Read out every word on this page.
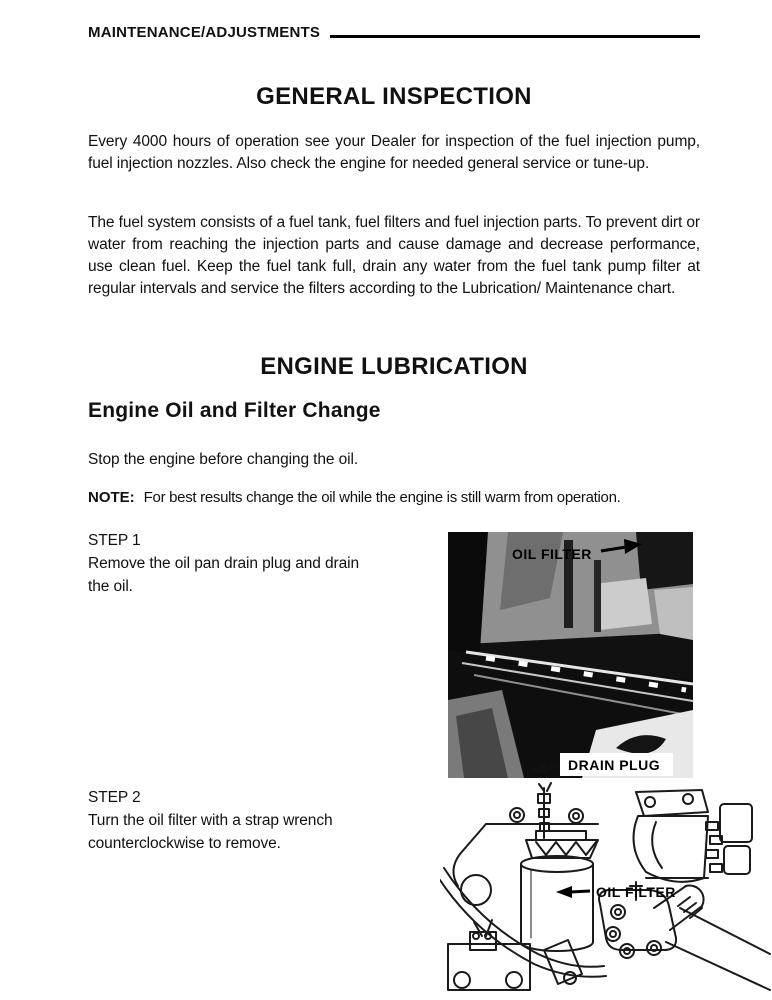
MAINTENANCE/ADJUSTMENTS
GENERAL INSPECTION
Every 4000 hours of operation see your Dealer for inspection of the fuel injection pump, fuel injection nozzles. Also check the engine for needed general service or tune-up.
The fuel system consists of a fuel tank, fuel filters and fuel injection parts. To prevent dirt or water from reaching the injection parts and cause damage and decrease performance, use clean fuel. Keep the fuel tank full, drain any water from the fuel tank pump filter at regular intervals and service the filters according to the Lubrication/ Maintenance chart.
ENGINE LUBRICATION
Engine Oil and Filter Change
Stop the engine before changing the oil.
NOTE: For best results change the oil while the engine is still warm from operation.
STEP 1
Remove the oil pan drain plug and drain the oil.
OIL FILTER
DRAIN PLUG
STEP 2
Turn the oil filter with a strap wrench counterclockwise to remove.
OIL FILTER
